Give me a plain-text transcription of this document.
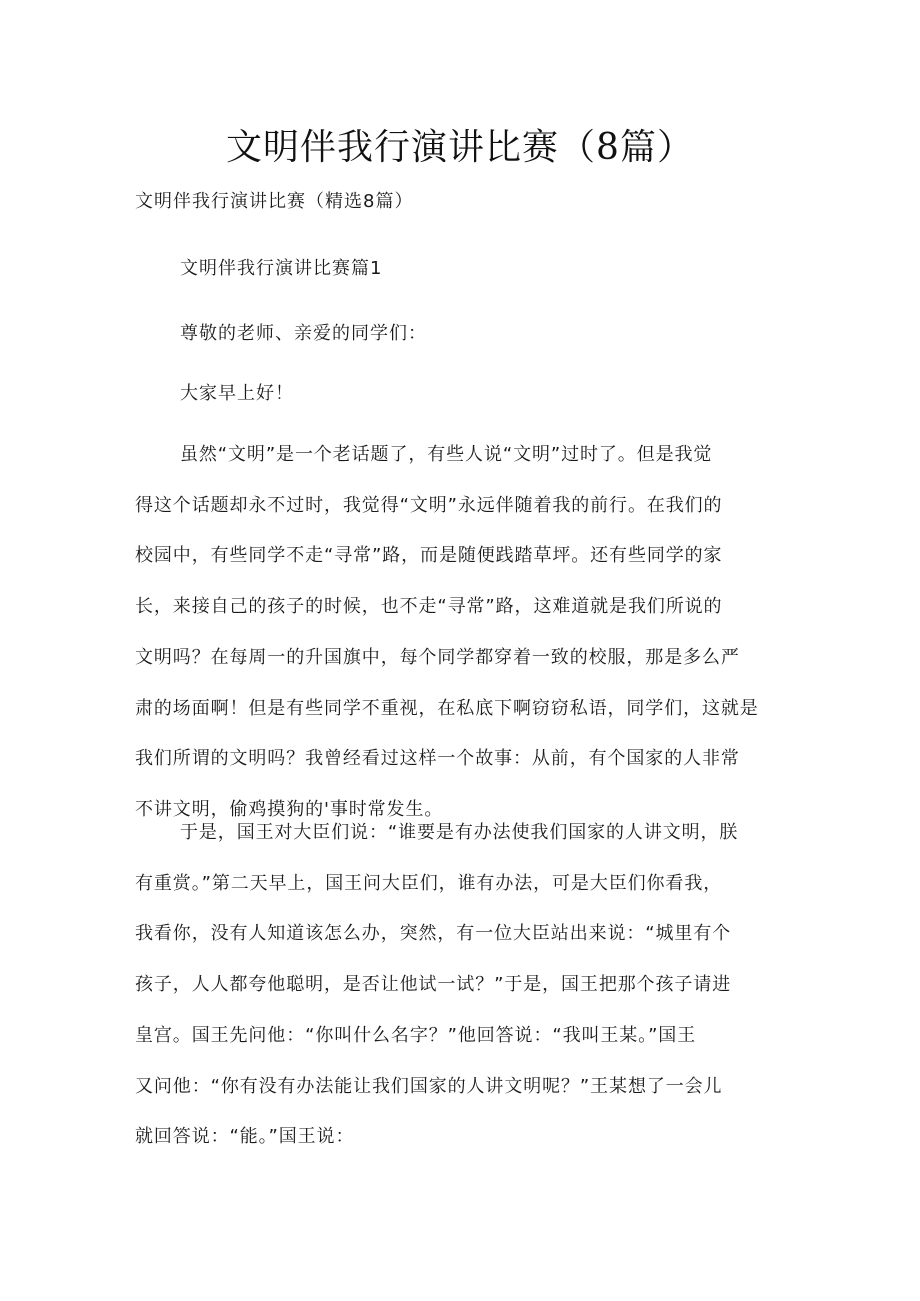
文明伴我行演讲比赛（8篇）
文明伴我行演讲比赛（精选8篇）
文明伴我行演讲比赛篇1
尊敬的老师、亲爱的同学们：
大家早上好！
虽然“文明”是一个老话题了，有些人说“文明”过时了。但是我觉
得这个话题却永不过时，我觉得“文明”永远伴随着我的前行。在我们的
校园中，有些同学不走“寻常”路，而是随便践踏草坪。还有些同学的家
长，来接自己的孩子的时候，也不走“寻常”路，这难道就是我们所说的
文明吗？在每周一的升国旗中，每个同学都穿着一致的校服，那是多么严
肃的场面啊！但是有些同学不重视，在私底下啊窃窃私语，同学们，这就是
我们所谓的文明吗？我曾经看过这样一个故事：从前，有个国家的人非常
不讲文明，偷鸡摸狗的'事时常发生。
于是，国王对大臣们说：“谁要是有办法使我们国家的人讲文明，朕
有重赏。”第二天早上，国王问大臣们，谁有办法，可是大臣们你看我，
我看你，没有人知道该怎么办，突然，有一位大臣站出来说：“城里有个
孩子，人人都夸他聪明，是否让他试一试？”于是，国王把那个孩子请进
皇宫。国王先问他：“你叫什么名字？”他回答说：“我叫王某。”国王
又问他：“你有没有办法能让我们国家的人讲文明呢？”王某想了一会儿
就回答说：“能。”国王说：
